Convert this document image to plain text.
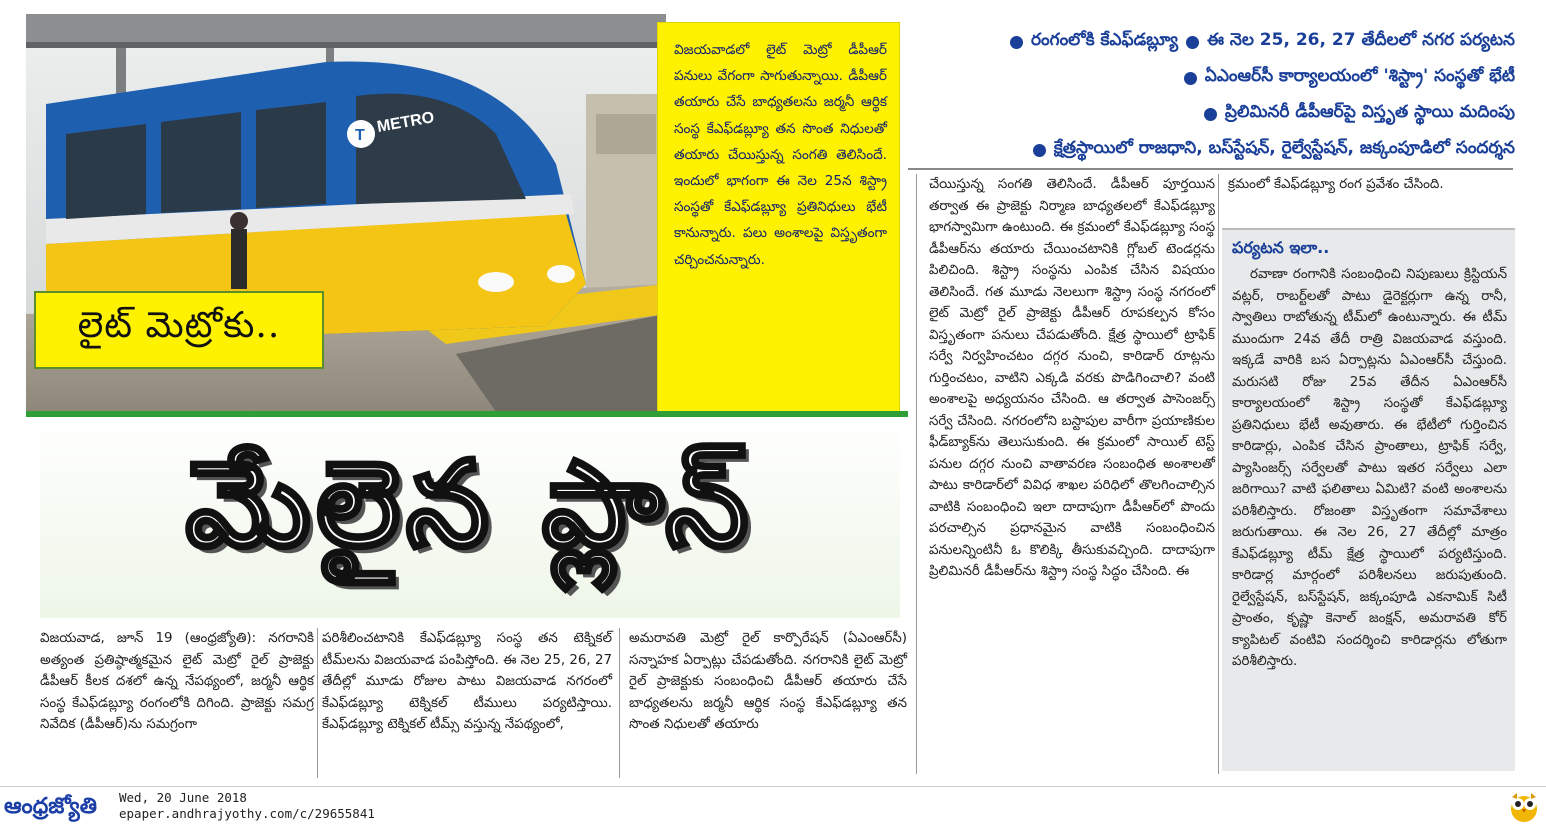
T METRO

విజయవాడలో లైట్ మెట్రో డీపీఆర్ పనులు వేగంగా సాగుతున్నాయి. డీపీఆర్ తయారు చేసే బాధ్యతలను జర్మనీ ఆర్థిక సంస్థ కేఎఫ్‌డబ్ల్యూ తన సొంత నిధులతో తయారు చేయిస్తున్న సంగతి తెలిసిందే. ఇందులో భాగంగా ఈ నెల 25న శిస్ట్రా సంస్థతో కేఎఫ్‌డబ్ల్యూ ప్రతినిధులు భేటీ కానున్నారు. పలు అంశాలపై విస్తృతంగా చర్చించనున్నారు.

లైట్ మెట్రోకు..
మేలైన ప్లాన్
రంగంలోకి కేఎఫ్‌డబ్ల్యూ ఈ నెల 25, 26, 27 తేదీలలో నగర పర్యటన
ఏఎంఆర్‌సీ కార్యాలయంలో 'శిస్ట్రా' సంస్థతో భేటీ
ప్రిలిమినరీ డీపీఆర్‌పై విస్తృత స్థాయి మదింపు
క్షేత్రస్థాయిలో రాజధాని, బస్‌స్టేషన్, రైల్వేస్టేషన్, జక్కంపూడిలో సందర్శన

చేయిస్తున్న సంగతి తెలిసిందే. డీపీఆర్ పూర్తయిన తర్వాత ఈ ప్రాజెక్టు నిర్మాణ బాధ్యతలలో కేఎఫ్‌డబ్ల్యూ భాగస్వామిగా ఉంటుంది. ఈ క్రమంలో కేఎఫ్‌డబ్ల్యూ సంస్థ డీపీఆర్‌ను తయారు చేయించటానికి గ్లోబల్ టెండర్లను పిలిచింది. శిస్ట్రా సంస్థను ఎంపిక చేసిన విషయం తెలిసిందే. గత మూడు నెలలుగా శిస్ట్రా సంస్థ నగరంలో లైట్ మెట్రో రైల్ ప్రాజెక్టు డీపీఆర్ రూపకల్పన కోసం విస్తృతంగా పనులు చేపడుతోంది. క్షేత్ర స్థాయిలో ట్రాఫిక్ సర్వే నిర్వహించటం దగ్గర నుంచి, కారిడార్ రూట్లను గుర్తించటం, వాటిని ఎక్కడి వరకు పొడిగించాలి? వంటి అంశాలపై అధ్యయనం చేసింది. ఆ తర్వాత పాసెంజర్స్ సర్వే చేసింది. నగరంలోని బస్టాపుల వారీగా ప్రయాణికుల ఫీడ్‌బ్యాక్‌ను తెలుసుకుంది. ఈ క్రమంలో సాయిల్ టెస్ట్ పనుల దగ్గర నుంచి వాతావరణ సంబంధిత అంశాలతో పాటు కారిడార్‌లో వివిధ శాఖల పరిధిలో తొలగించాల్సిన వాటికి సంబంధించి ఇలా దాదాపుగా డీపీఆర్‌లో పొందు పరచాల్సిన ప్రధానమైన వాటికి సంబంధించిన పనులన్నింటినీ ఓ కొలిక్కి తీసుకువచ్చింది. దాదాపుగా ప్రిలిమినరీ డీపీఆర్‌ను శిస్ట్రా సంస్థ సిద్ధం చేసింది. ఈ

క్రమంలో కేఎఫ్‌డబ్ల్యూ రంగ ప్రవేశం చేసింది.

పర్యటన ఇలా..

రవాణా రంగానికి సంబంధించి నిపుణులు క్రిస్టియన్ వట్లర్, రాబర్ట్‌లతో పాటు డైరెక్టర్లుగా ఉన్న రానీ, స్వాతిలు రాబోతున్న టీమ్‌లో ఉంటున్నారు. ఈ టీమ్ ముందుగా 24వ తేదీ రాత్రి విజయవాడ వస్తుంది. ఇక్కడే వారికి బస ఏర్పాట్లను ఏఎంఆర్‌సీ చేస్తుంది. మరుసటి రోజు 25వ తేదీన ఏఎంఆర్‌సీ కార్యాలయంలో శిస్ట్రా సంస్థతో కేఎఫ్‌డబ్ల్యూ ప్రతినిధులు భేటీ అవుతారు. ఈ భేటీలో గుర్తించిన కారిడార్లు, ఎంపిక చేసిన ప్రాంతాలు, ట్రాఫిక్ సర్వే, ప్యాసింజర్స్ సర్వేలతో పాటు ఇతర సర్వేలు ఎలా జరిగాయి? వాటి ఫలితాలు ఏమిటి? వంటి అంశాలను పరిశీలిస్తారు. రోజంతా విస్తృతంగా సమావేశాలు జరుగుతాయి. ఈ నెల 26, 27 తేదీల్లో మాత్రం కేఎఫ్‌డబ్ల్యూ టీమ్ క్షేత్ర స్థాయిలో పర్యటిస్తుంది. కారిడార్ల మార్గంలో పరిశీలనలు జరుపుతుంది. రైల్వేస్టేషన్, బస్‌స్టేషన్, జక్కంపూడి ఎకనామిక్ సిటీ ప్రాంతం, కృష్ణా కెనాల్ జంక్షన్, అమరావతి కోర్ క్యాపిటల్ వంటివి సందర్శించి కారిడార్లను లోతుగా పరిశీలిస్తారు.

విజయవాడ, జూన్ 19 (ఆంధ్రజ్యోతి): నగరానికి అత్యంత ప్రతిష్ఠాత్మకమైన లైట్ మెట్రో రైల్ ప్రాజెక్టు డీపీఆర్ కీలక దశలో ఉన్న నేపథ్యంలో, జర్మనీ ఆర్థిక సంస్థ కేఎఫ్‌డబ్ల్యూ రంగంలోకి దిగింది. ప్రాజెక్టు సమగ్ర నివేదిక (డీపీఆర్)ను సమగ్రంగా

పరిశీలించటానికి కేఎఫ్‌డబ్ల్యూ సంస్థ తన టెక్నికల్ టీమ్‌లను విజయవాడ పంపిస్తోంది. ఈ నెల 25, 26, 27 తేదీల్లో మూడు రోజుల పాటు విజయవాడ నగరంలో కేఎఫ్‌డబ్ల్యూ టెక్నికల్ టీములు పర్యటిస్తాయి. కేఎఫ్‌డబ్ల్యూ టెక్నికల్ టీమ్స్ వస్తున్న నేపథ్యంలో,

అమరావతి మెట్రో రైల్ కార్పొరేషన్ (ఏఎంఆర్‌సీ) సన్నాహక ఏర్పాట్లు చేపడుతోంది. నగరానికి లైట్ మెట్రో రైల్ ప్రాజెక్టుకు సంబంధించి డీపీఆర్ తయారు చేసే బాధ్యతలను జర్మనీ ఆర్థిక సంస్థ కేఎఫ్‌డబ్ల్యూ తన సొంత నిధులతో తయారు

ఆంధ్రజ్యోతి Wed, 20 June 2018
epaper.andhrajyothy.com/c/29655841
